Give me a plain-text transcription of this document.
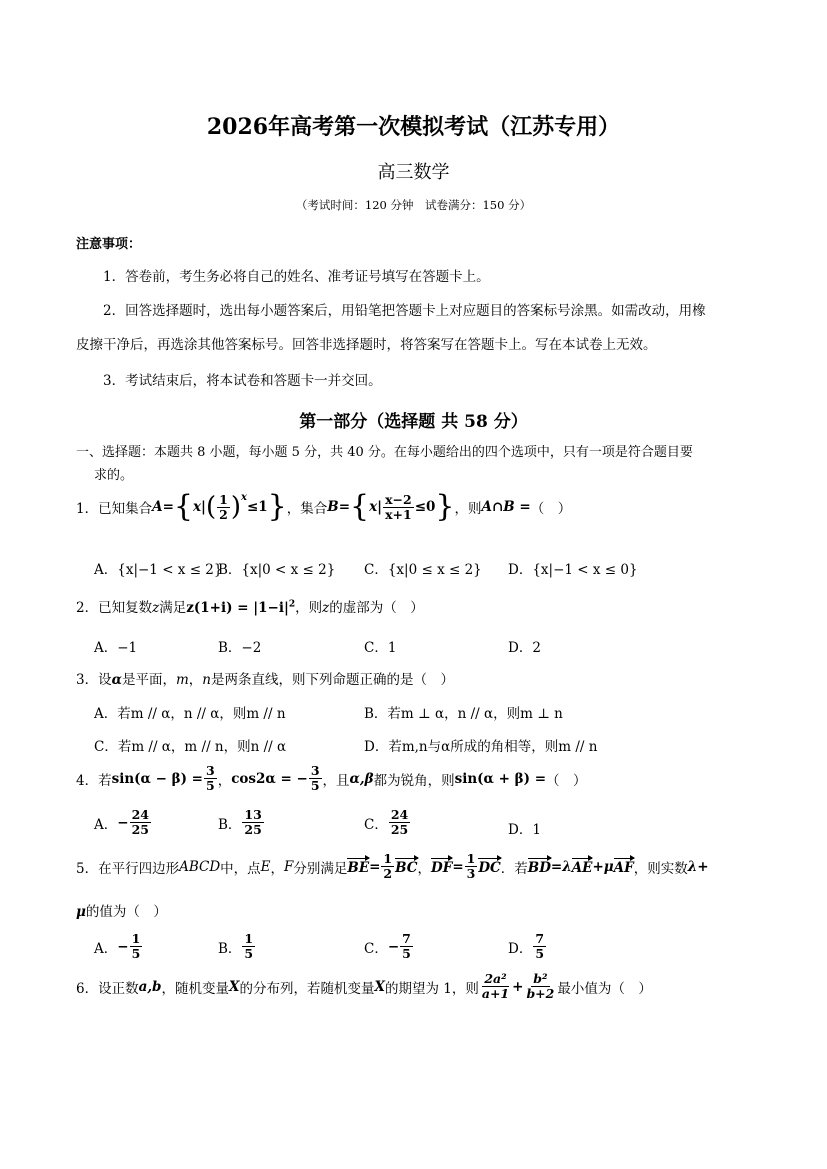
2026年高考第一次模拟考试（江苏专用）
高三数学
（考试时间：120 分钟　试卷满分：150 分）
注意事项：
1．答卷前，考生务必将自己的姓名、准考证号填写在答题卡上。
2．回答选择题时，选出每小题答案后，用铅笔把答题卡上对应题目的答案标号涂黑。如需改动，用橡
皮擦干净后，再选涂其他答案标号。回答非选择题时，将答案写在答题卡上。写在本试卷上无效。
3．考试结束后，将本试卷和答题卡一并交回。
第一部分（选择题 共 58 分）
一、选择题：本题共 8 小题，每小题 5 分，共 40 分。在每小题给出的四个选项中，只有一项是符合题目要
求的。
1．已知集合 A = { x | ( $\frac{1}{2} )^x$
≤1 } ，集合 B = { x | $\frac{x-2}{x+1} \le 0$ } ，则 A∩B = （　）
A．{x|−1 < x ≤ 2}
B．{x|0 < x ≤ 2} C．{x|0 ≤ x ≤ 2} D．{x|−1 < x ≤ 0}
2．已知复数z满足$z(1+i) = |1-i|^2$，则z的虚部为（　）
A．−1	B．−2	C．1	D．2
3．设α是平面，m，n是两条直线，则下列命题正确的是（　）
A．若m // α，n // α，则m // n	B．若m ⊥ α，n // α，则m ⊥ n
C．若m // α，m // n，则n // α	D．若m,n与α所成的角相等，则m // n
4．若 $\sin(\alpha - \beta) = \frac{3}{5}$ ， cos2α = − $\frac{3}{5}$ ，且 α,β 都为锐角，则 sin(α + β) = （　）
A． − $\frac{24}{25}$	B． $\frac{13}{25}$	C． $\frac{24}{25}$	D．1
5．在平行四边形 ABCD 中，点 E ， F 分别满足 BE = $\frac{1}{2}$ BC ， DF = $\frac{1}{3}$ DC ．若 BD = λ AE + μ AF ，则实数 λ +
μ的值为（　）
A． − $\frac{1}{5}$	B． $\frac{1}{5}$	C． − $\frac{7}{5}$	D． $\frac{7}{5}$
6．设正数 a,b ，随机变量 X 的分布列，若随机变量 X 的期望为 1，则 $\frac{\text{2a²}}{a+1} + \frac{\text{b²}}{b+2}$ 最小值为（　）
